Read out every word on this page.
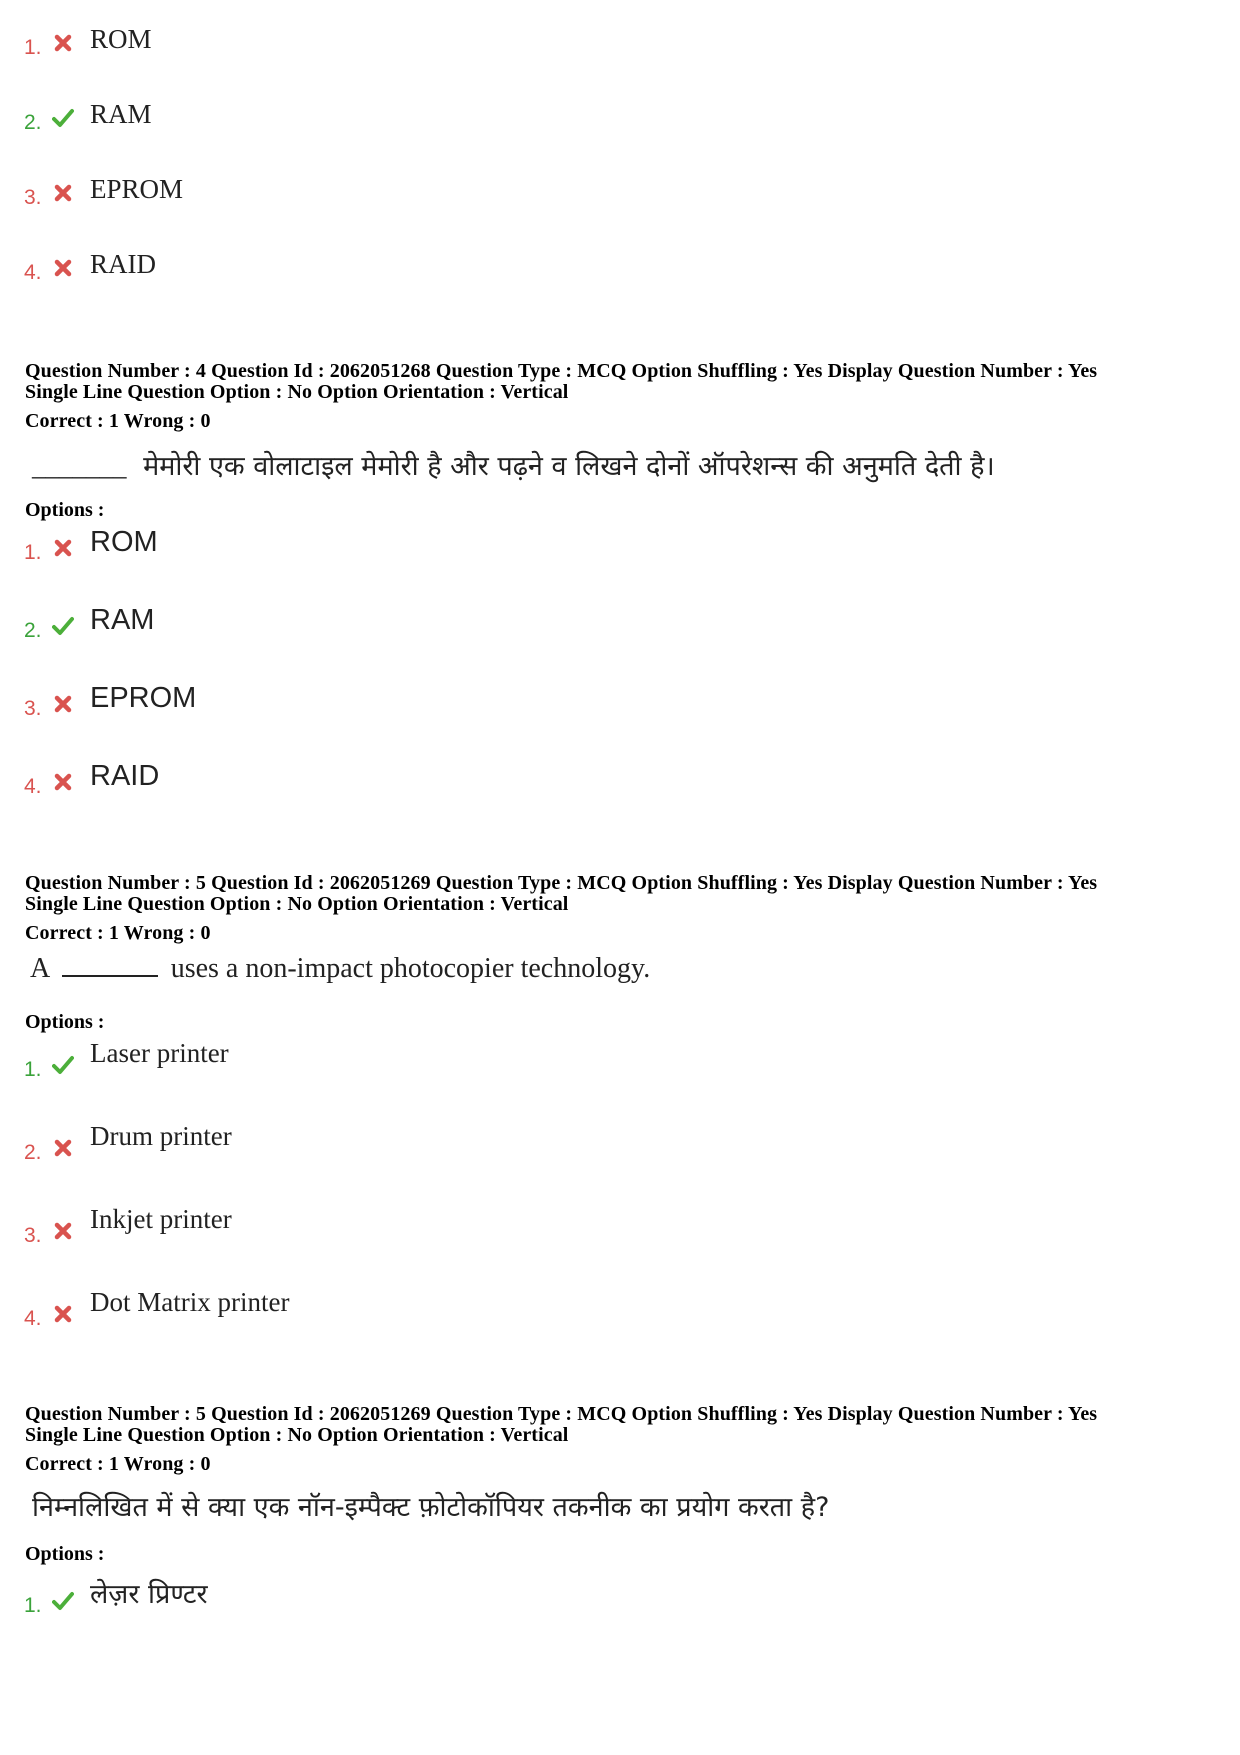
1. ROM
2. RAM
3. EPROM
4. RAID
Question Number : 4 Question Id : 2062051268 Question Type : MCQ Option Shuffling : Yes Display Question Number : Yes
Single Line Question Option : No Option Orientation : Vertical
Correct : 1 Wrong : 0
_______ मेमोरी एक वोलाटाइल मेमोरी है और पढ़ने व लिखने दोनों ऑपरेशन्स की अनुमति देती है।
Options :
1. ROM
2. RAM
3. EPROM
4. RAID
Question Number : 5 Question Id : 2062051269 Question Type : MCQ Option Shuffling : Yes Display Question Number : Yes
Single Line Question Option : No Option Orientation : Vertical
Correct : 1 Wrong : 0
A	uses a non-impact photocopier technology.
Options :
1.
Laser printer
2.
Drum printer
3.
Inkjet printer
4.
Dot Matrix printer
Question Number : 5 Question Id : 2062051269 Question Type : MCQ Option Shuffling : Yes Display Question Number : Yes
Single Line Question Option : No Option Orientation : Vertical
Correct : 1 Wrong : 0
निम्नलिखित में से क्या एक नॉन-इम्पैक्ट फ़ोटोकॉपियर तकनीक का प्रयोग करता है?
Options :
1. लेज़र प्रिण्टर
